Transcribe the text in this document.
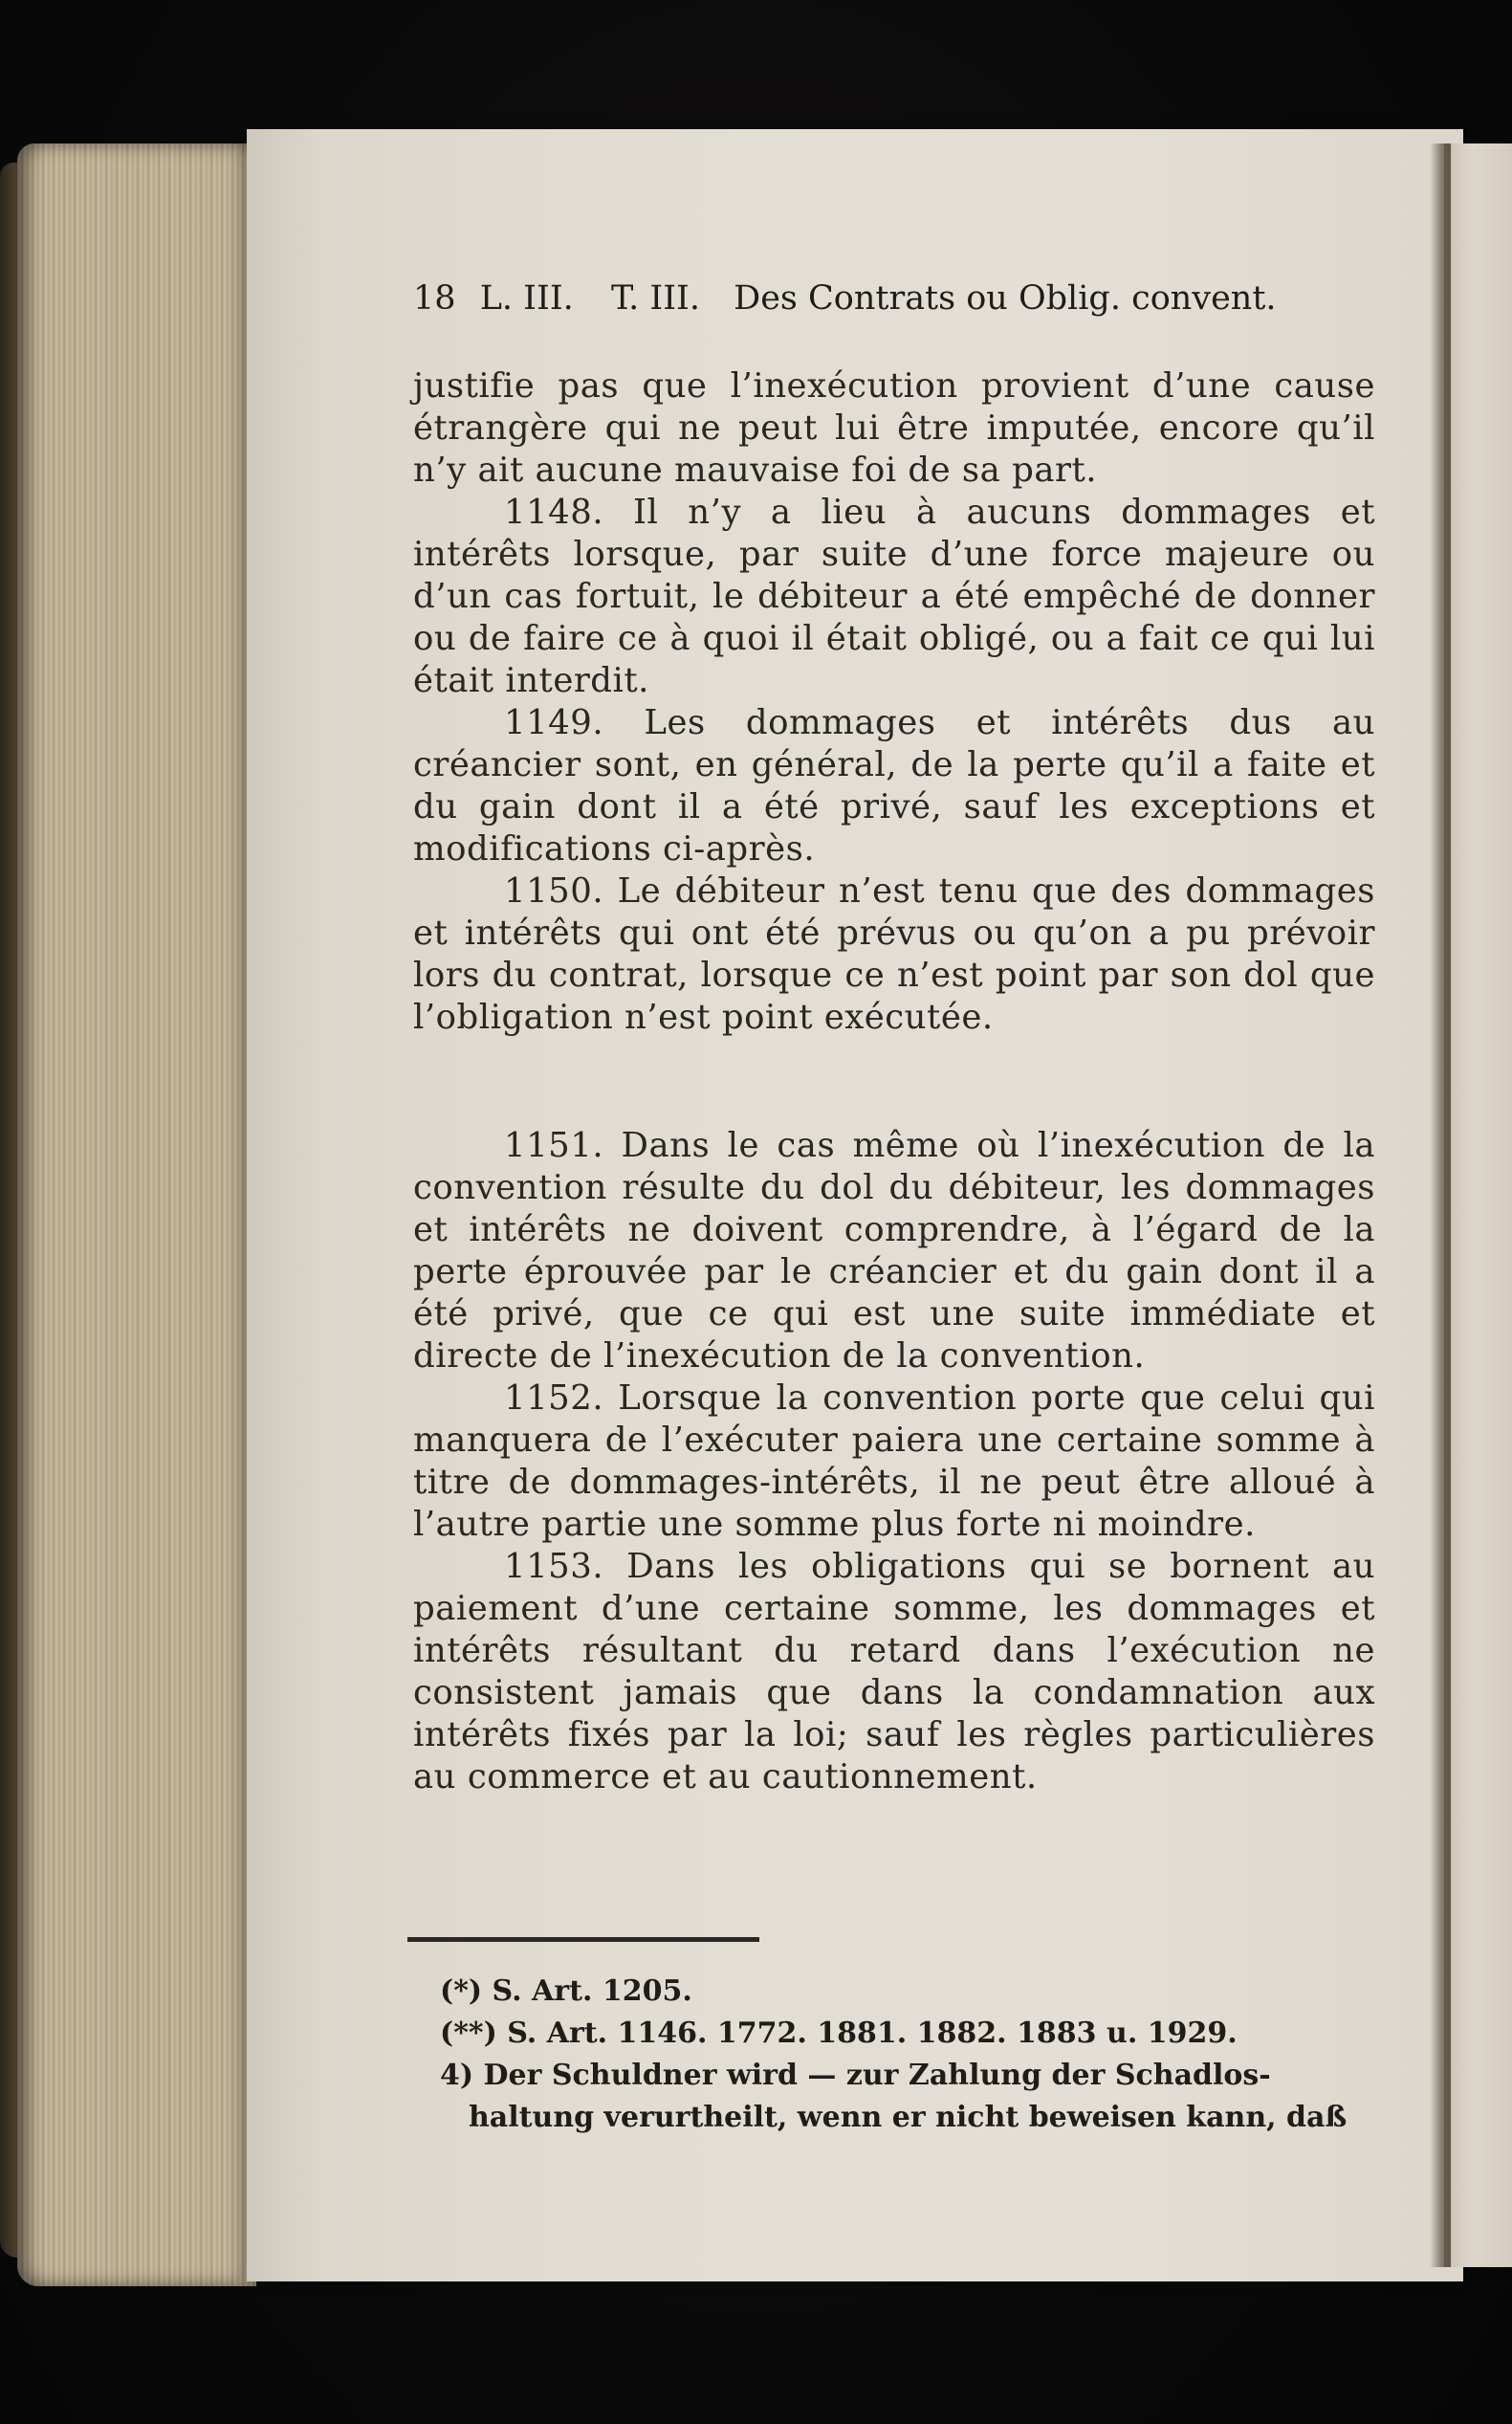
18 L. III. T. III. Des Contrats ou Oblig. convent.

justifie pas que l’inexécution provient d’une cause étrangère qui ne peut lui être imputée, encore qu’il n’y ait aucune mauvaise foi de sa part.

1148. Il n’y a lieu à aucuns dommages et intérêts lorsque, par suite d’une force majeure ou d’un cas fortuit, le débiteur a été empêché de donner ou de faire ce à quoi il était obligé, ou a fait ce qui lui était interdit.

1149. Les dommages et intérêts dus au créancier sont, en général, de la perte qu’il a faite et du gain dont il a été privé, sauf les exceptions et modifications ci-après.

1150. Le débiteur n’est tenu que des dommages et intérêts qui ont été prévus ou qu’on a pu prévoir lors du contrat, lorsque ce n’est point par son dol que l’obligation n’est point exécutée.

1151. Dans le cas même où l’inexécution de la convention résulte du dol du débiteur, les dommages et intérêts ne doivent comprendre, à l’égard de la perte éprouvée par le créancier et du gain dont il a été privé, que ce qui est une suite immédiate et directe de l’inexécution de la convention.

1152. Lorsque la convention porte que celui qui manquera de l’exécuter paiera une certaine somme à titre de dommages-intérêts, il ne peut être alloué à l’autre partie une somme plus forte ni moindre.

1153. Dans les obligations qui se bornent au paiement d’une certaine somme, les dommages et intérêts résultant du retard dans l’exécution ne consistent jamais que dans la condamnation aux intérêts fixés par la loi; sauf les règles particulières au commerce et au cautionnement.

(*) S. Art. 1205.
(**) S. Art. 1146. 1772. 1881. 1882. 1883 u. 1929.
4) Der Schuldner wird — zur Zahlung der Schadlos-
haltung verurtheilt, wenn er nicht beweisen kann, daß
